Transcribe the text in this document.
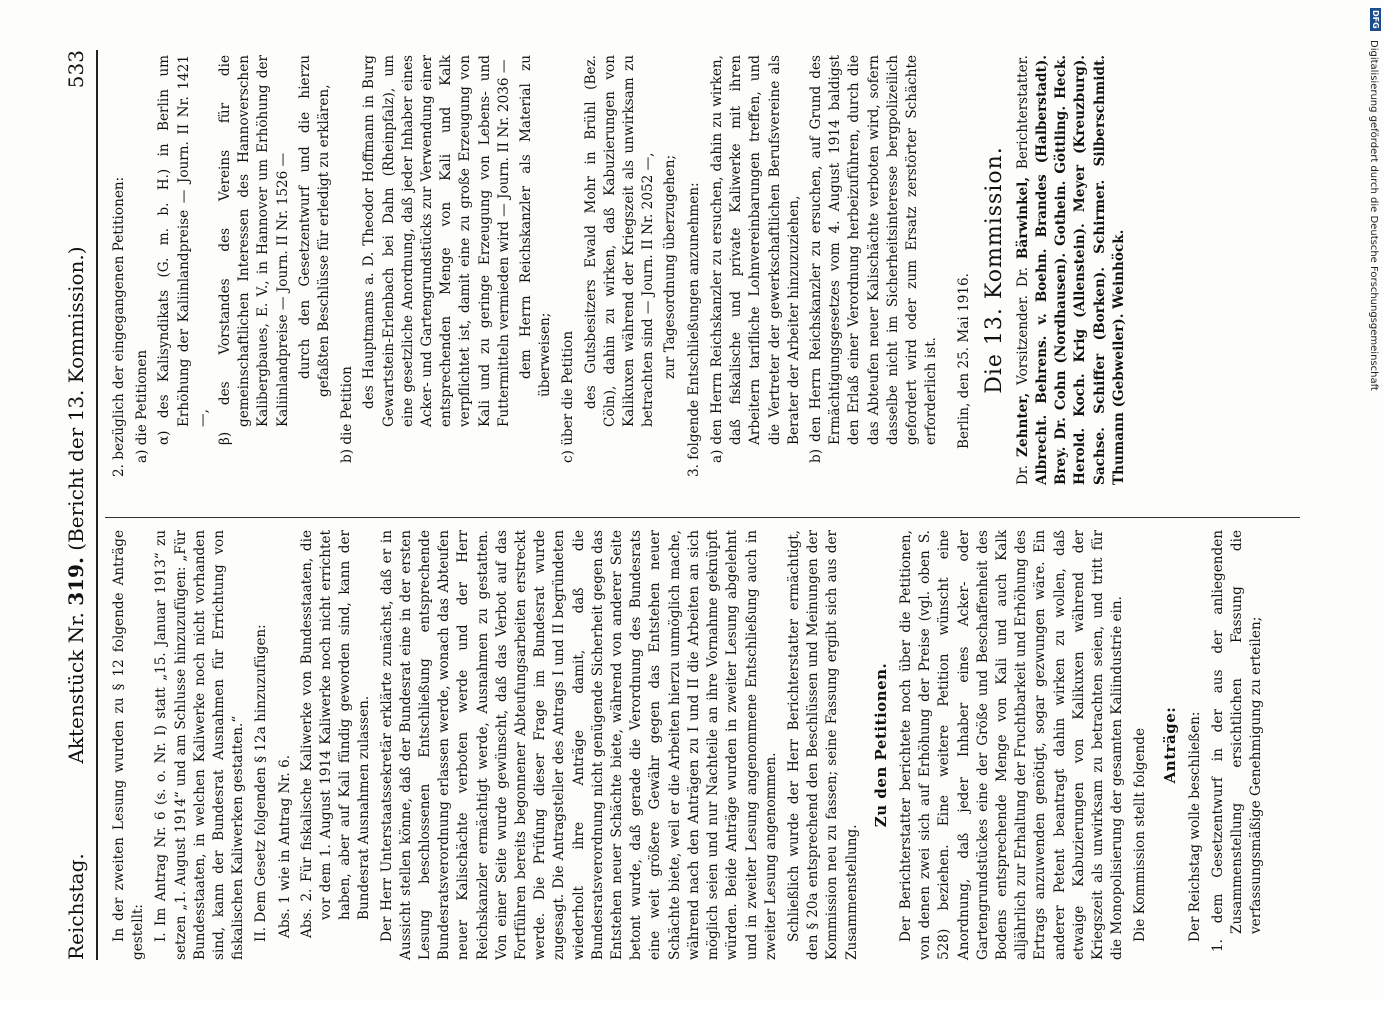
Reichstag.
Aktenstück Nr. 319. (Bericht der 13. Kommission.)
533

In der zweiten Lesung wurden zu § 12 folgende Anträge gestellt: I. Im Antrag Nr. 6 (s. o. Nr. I) statt „15. Januar 1913“ zu setzen „1. August 1914“ und am Schlusse hinzuzufügen: „Für Bundesstaaten, in welchen Kaliwerke noch nicht vorhanden sind, kann der Bundesrat Ausnahmen für Errichtung von fiskalischen Kaliwerken gestatten.“ II. Dem Gesetz folgenden § 12a hinzuzufügen: Abs. 1 wie in Antrag Nr. 6. Abs. 2. Für fiskalische Kaliwerke von Bundesstaaten, die vor dem 1. August 1914 Kaliwerke noch nicht errichtet haben, aber auf Kali fündig geworden sind, kann der Bundesrat Ausnahmen zulassen. Der Herr Unterstaatssekretär erklärte zunächst, daß er in Aussicht stellen könne, daß der Bundesrat eine in der ersten Lesung beschlossenen Entschließung entsprechende Bundesratsverordnung erlassen werde, wonach das Abteufen neuer Kalischächte verboten werde und der Herr Reichskanzler ermächtigt werde, Ausnahmen zu gestatten. Von einer Seite wurde gewünscht, daß das Verbot auf das Fortführen bereits begonnener Abteufungsarbeiten erstreckt werde. Die Prüfung dieser Frage im Bundesrat wurde zugesagt. Die Antragsteller des Antrags I und II begründeten wiederholt ihre Anträge damit, daß die Bundesratsverordnung nicht genügende Sicherheit gegen das Entstehen neuer Schächte biete, während von anderer Seite betont wurde, daß gerade die Verordnung des Bundesrats eine weit größere Gewähr gegen das Entstehen neuer Schächte biete, weil er die Arbeiten hierzu unmöglich mache, während nach den Anträgen zu I und II die Arbeiten an sich möglich seien und nur Nachteile an ihre Vornahme geknüpft würden. Beide Anträge wurden in zweiter Lesung abgelehnt und in zweiter Lesung angenommene Entschließung auch in zweiter Lesung angenommen. Schließlich wurde der Herr Berichterstatter ermächtigt, den § 20a entsprechend den Beschlüssen und Meinungen der Kommission neu zu fassen; seine Fassung ergibt sich aus der Zusammenstellung.

Zu den Petitionen. Der Berichterstatter berichtete noch über die Petitionen, von denen zwei sich auf Erhöhung der Preise (vgl. oben S. 528) beziehen. Eine weitere Petition wünscht eine Anordnung, daß jeder Inhaber eines Acker- oder Gartengrundstückes eine der Größe und Beschaffenheit des Bodens entsprechende Menge von Kali und auch Kalk alljährlich zur Erhaltung der Fruchtbarkeit und Erhöhung des Ertrags anzuwenden genötigt, sogar gezwungen wäre. Ein anderer Petent beantragt dahin wirken zu wollen, daß etwaige Kabuzierungen von Kalikuxen während der Kriegszeit als unwirksam zu betrachten seien, und tritt für die Monopolisierung der gesamten Kaliindustrie ein. Die Kommission stellt folgende Anträge: Der Reichstag wolle beschließen: 1. dem Gesetzentwurf in der aus der anliegenden Zusammenstellung ersichtlichen Fassung die verfassungsmäßige Genehmigung zu erteilen;

2. bezüglich der eingegangenen Petitionen: a) die Petitionen α) des Kalisyndikats (G. m. b. H.) in Berlin um Erhöhung der Kaliinlandpreise — Journ. II Nr. 1421 —, β) des Vorstandes des Vereins für die gemeinschaftlichen Interessen des Hannoverschen Kalibergbaues, E. V., in Hannover um Erhöhung der Kaliinlandpreise — Journ. II Nr. 1526 — durch den Gesetzentwurf und die hierzu gefaßten Beschlüsse für erledigt zu erklären,

b) die Petition

des Hauptmanns a. D. Theodor Hoffmann in Burg Gewartstein-Erlenbach bei Dahn (Rheinpfalz), um eine gesetzliche Anordnung, daß jeder Inhaber eines Acker- und Gartengrundstücks zur Verwendung einer entsprechenden Menge von Kali und Kalk verpflichtet ist, damit eine zu große Erzeugung von Kali und zu geringe Erzeugung von Lebens- und Futtermitteln vermieden wird — Journ. II Nr. 2036 — dem Herrn Reichskanzler als Material zu überweisen; c) über die Petition des Gutsbesitzers Ewald Mohr in Brühl (Bez. Cöln), dahin zu wirken, daß Kabuzierungen von Kalikuxen während der Kriegszeit als unwirksam zu betrachten sind — Journ. II Nr. 2052 —, zur Tagesordnung überzugehen; 3. folgende Entschließungen anzunehmen: a) den Herrn Reichskanzler zu ersuchen, dahin zu wirken, daß fiskalische und private Kaliwerke mit ihren Arbeitern tarifliche Lohnvereinbarungen treffen, und die Vertreter der gewerkschaftlichen Berufsvereine als Berater der Arbeiter hinzuzuziehen, b) den Herrn Reichskanzler zu ersuchen, auf Grund des Ermächtigungsgesetzes vom 4. August 1914 baldigst den Erlaß einer Verordnung herbeizuführen, durch die das Abteufen neuer Kalischächte verboten wird, sofern dasselbe nicht im Sicherheitsinteresse bergpolizeilich gefordert wird oder zum Ersatz zerstörter Schächte erforderlich ist. Berlin, den 25. Mai 1916. Die 13. Kommission.

Dr. Zehnter, Vorsitzender. Dr. Bärwinkel, Berichterstatter. Albrecht. Behrens. v. Boehn. Brandes (Halberstadt). Brey. Dr. Cohn (Nordhausen). Gothein. Göttling. Heck. Herold. Koch. Krig (Allenstein). Meyer (Kreuzburg). Sachse. Schiffer (Borken). Schirmer. Silberschmidt. Thumann (Gebweiler). Weinhöck.

DFG
Digitalisierung gefördert durch die Deutsche Forschungsgemeinschaft
